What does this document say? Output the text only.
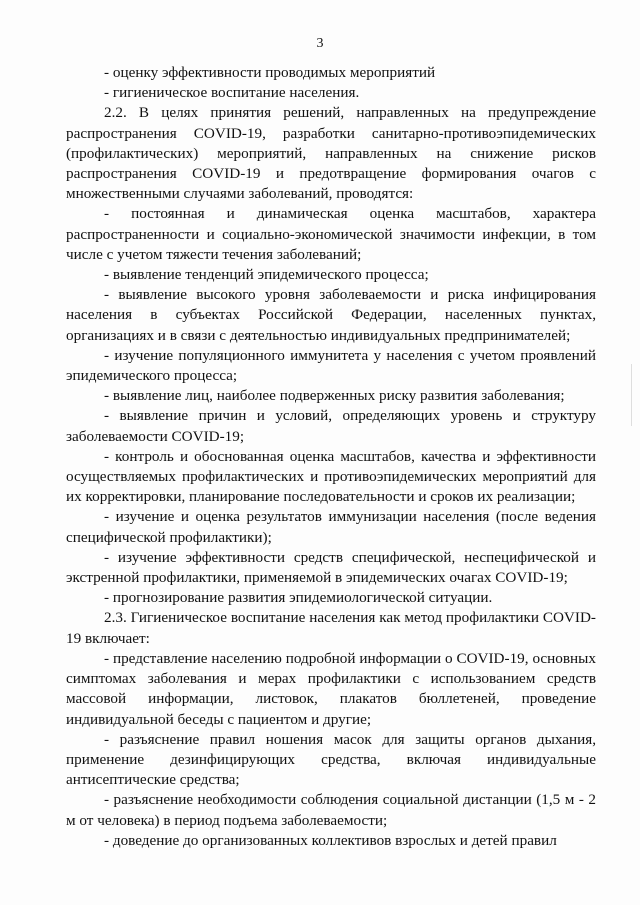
3

- оценку эффективности проводимых мероприятий

- гигиеническое воспитание населения.

2.2. В целях принятия решений, направленных на предупреждение распространения COVID-19, разработки санитарно-противоэпидемических (профилактических) мероприятий, направленных на снижение рисков распространения COVID-19 и предотвращение формирования очагов с множественными случаями заболеваний, проводятся:

- постоянная и динамическая оценка масштабов, характера распространенности и социально-экономической значимости инфекции, в том числе с учетом тяжести течения заболеваний;

- выявление тенденций эпидемического процесса;

- выявление высокого уровня заболеваемости и риска инфицирования населения в субъектах Российской Федерации, населенных пунктах, организациях и в связи с деятельностью индивидуальных предпринимателей;

- изучение популяционного иммунитета у населения с учетом проявлений эпидемического процесса;

- выявление лиц, наиболее подверженных риску развития заболевания;

- выявление причин и условий, определяющих уровень и структуру заболеваемости COVID-19;

- контроль и обоснованная оценка масштабов, качества и эффективности осуществляемых профилактических и противоэпидемических мероприятий для их корректировки, планирование последовательности и сроков их реализации;

- изучение и оценка результатов иммунизации населения (после ведения специфической профилактики);

- изучение эффективности средств специфической, неспецифической и экстренной профилактики, применяемой в эпидемических очагах COVID-19;

- прогнозирование развития эпидемиологической ситуации.

2.3. Гигиеническое воспитание населения как метод профилактики COVID-19 включает:

- представление населению подробной информации о COVID-19, основных симптомах заболевания и мерах профилактики с использованием средств массовой информации, листовок, плакатов бюллетеней, проведение индивидуальной беседы с пациентом и другие;

- разъяснение правил ношения масок для защиты органов дыхания, применение дезинфицирующих средства, включая индивидуальные антисептические средства;

- разъяснение необходимости соблюдения социальной дистанции (1,5 м - 2 м от человека) в период подъема заболеваемости;

- доведение до организованных коллективов взрослых и детей правил
